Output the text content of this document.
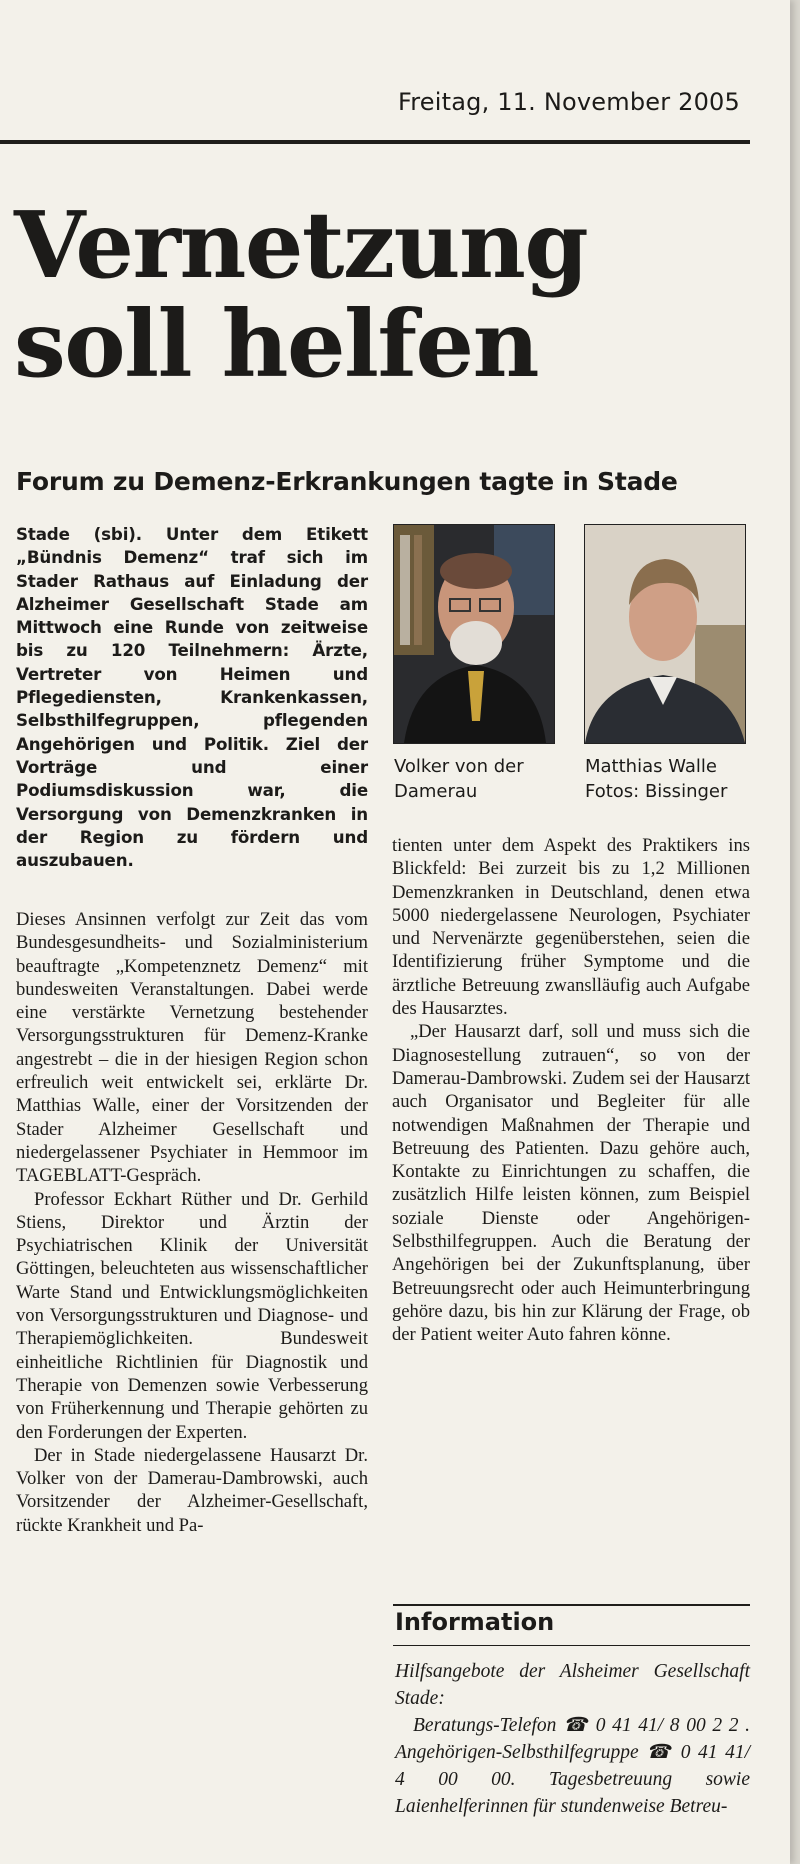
Freitag, 11. November 2005
Vernetzung
soll helfen
Forum zu Demenz-Erkrankungen tagte in Stade

Stade (sbi). Unter dem Etikett „Bündnis Demenz“ traf sich im Stader Rathaus auf Einladung der Alzheimer Gesellschaft Stade am Mittwoch eine Runde von zeitweise bis zu 120 Teilnehmern: Ärzte, Vertreter von Heimen und Pflegediensten, Krankenkassen, Selbsthilfegruppen, pflegenden Angehörigen und Politik. Ziel der Vorträge und einer Podiumsdiskussion war, die Versorgung von Demenzkranken in der Region zu fördern und auszubauen.

Dieses Ansinnen verfolgt zur Zeit das vom Bundesgesundheits- und Sozialministerium beauftragte „Kompetenznetz Demenz“ mit bundesweiten Veranstaltungen. Dabei werde eine verstärkte Vernetzung bestehender Versorgungsstrukturen für Demenz-Kranke angestrebt – die in der hiesigen Region schon erfreulich weit entwickelt sei, erklärte Dr. Matthias Walle, einer der Vorsitzenden der Stader Alzheimer Gesellschaft und niedergelassener Psychiater in Hemmoor im TAGEBLATT-Gespräch.

Professor Eckhart Rüther und Dr. Gerhild Stiens, Direktor und Ärztin der Psychiatrischen Klinik der Universität Göttingen, beleuchteten aus wissenschaftlicher Warte Stand und Entwicklungsmöglichkeiten von Versorgungsstrukturen und Diagnose- und Therapiemöglichkeiten. Bundesweit einheitliche Richtlinien für Diagnostik und Therapie von Demenzen sowie Verbesserung von Früherkennung und Therapie gehörten zu den Forderungen der Experten.

Der in Stade niedergelassene Hausarzt Dr. Volker von der Damerau-Dambrowski, auch Vorsitzender der Alzheimer-Gesellschaft, rückte Krankheit und Pa-

Volker von der
Damerau
Matthias Walle
Fotos: Bissinger

tienten unter dem Aspekt des Praktikers ins Blickfeld: Bei zurzeit bis zu 1,2 Millionen Demenzkranken in Deutschland, denen etwa 5000 niedergelassene Neurologen, Psychiater und Nervenärzte gegenüberstehen, seien die Identifizierung früher Symptome und die ärztliche Betreuung zwanslläufig auch Aufgabe des Hausarztes.

„Der Hausarzt darf, soll und muss sich die Diagnosestellung zutrauen“, so von der Damerau-Dambrowski. Zudem sei der Hausarzt auch Organisator und Begleiter für alle notwendigen Maßnahmen der Therapie und Betreuung des Patienten. Dazu gehöre auch, Kontakte zu Einrichtungen zu schaffen, die zusätzlich Hilfe leisten können, zum Beispiel soziale Dienste oder Angehörigen-Selbsthilfegruppen. Auch die Beratung der Angehörigen bei der Zukunftsplanung, über Betreuungsrecht oder auch Heimunterbringung gehöre dazu, bis hin zur Klärung der Frage, ob der Patient weiter Auto fahren könne.

Information

Hilfsangebote der Alsheimer Gesellschaft Stade:

Beratungs-Telefon ☎ 0 41 41/ 8 00 2 2 . Angehörigen-Selbsthilfegruppe ☎ 0 41 41/ 4 00 00. Tagesbetreuung sowie Laienhelferinnen für stundenweise Betreu-
